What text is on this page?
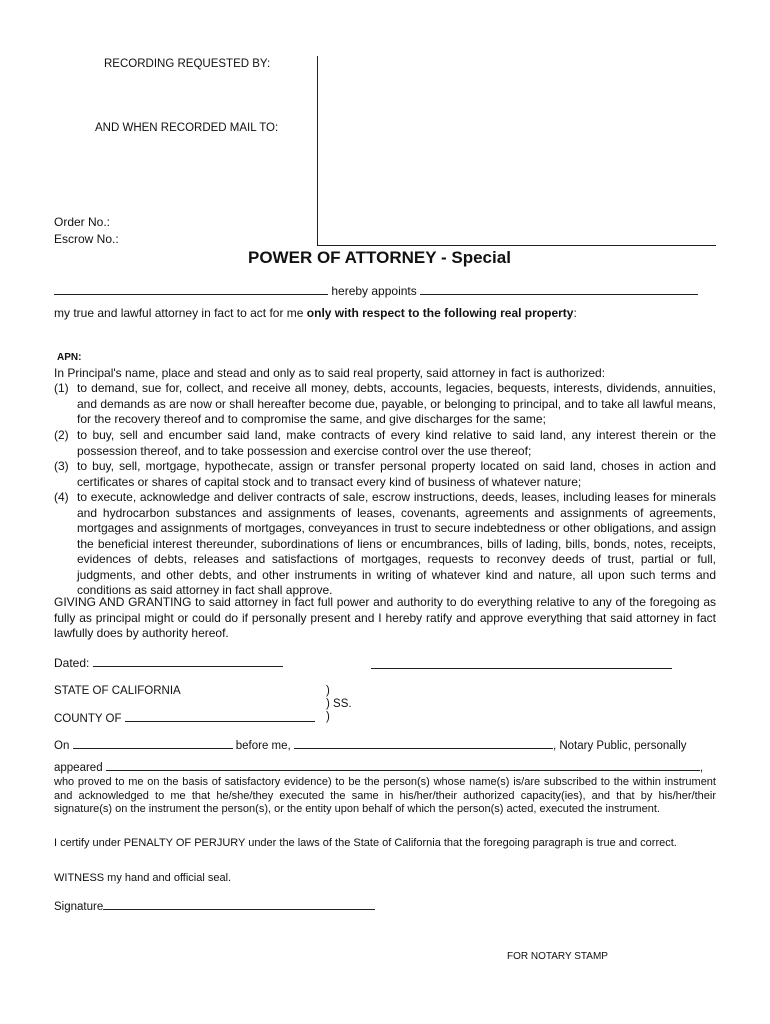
RECORDING REQUESTED BY:
AND WHEN RECORDED MAIL TO:
Order No.:
Escrow No.:
POWER OF ATTORNEY - Special
hereby appoints
my true and lawful attorney in fact to act for me only with respect to the following real property:
APN:
In Principal's name, place and stead and only as to said real property, said attorney in fact is authorized:
(1) to demand, sue for, collect, and receive all money, debts, accounts, legacies, bequests, interests, dividends, annuities, and demands as are now or shall hereafter become due, payable, or belonging to principal, and to take all lawful means, for the recovery thereof and to compromise the same, and give discharges for the same;
(2) to buy, sell and encumber said land, make contracts of every kind relative to said land, any interest therein or the possession thereof, and to take possession and exercise control over the use thereof;
(3) to buy, sell, mortgage, hypothecate, assign or transfer personal property located on said land, choses in action and certificates or shares of capital stock and to transact every kind of business of whatever nature;
(4) to execute, acknowledge and deliver contracts of sale, escrow instructions, deeds, leases, including leases for minerals and hydrocarbon substances and assignments of leases, covenants, agreements and assignments of agreements, mortgages and assignments of mortgages, conveyances in trust to secure indebtedness or other obligations, and assign the beneficial interest thereunder, subordinations of liens or encumbrances, bills of lading, bills, bonds, notes, receipts, evidences of debts, releases and satisfactions of mortgages, requests to reconvey deeds of trust, partial or full, judgments, and other debts, and other instruments in writing of whatever kind and nature, all upon such terms and conditions as said attorney in fact shall approve.
GIVING AND GRANTING to said attorney in fact full power and authority to do everything relative to any of the foregoing as fully as principal might or could do if personally present and I hereby ratify and approve everything that said attorney in fact lawfully does by authority hereof.
Dated:
STATE OF CALIFORNIA	)
) SS.
)
COUNTY OF
On	before me,	, Notary Public, personally
appeared	,
who proved to me on the basis of satisfactory evidence) to be the person(s) whose name(s) is/are subscribed to the within instrument and acknowledged to me that he/she/they executed the same in his/her/their authorized capacity(ies), and that by his/her/their signature(s) on the instrument the person(s), or the entity upon behalf of which the person(s) acted, executed the instrument.
I certify under PENALTY OF PERJURY under the laws of the State of California that the foregoing paragraph is true and correct.
WITNESS my hand and official seal.
Signature
FOR NOTARY STAMP
